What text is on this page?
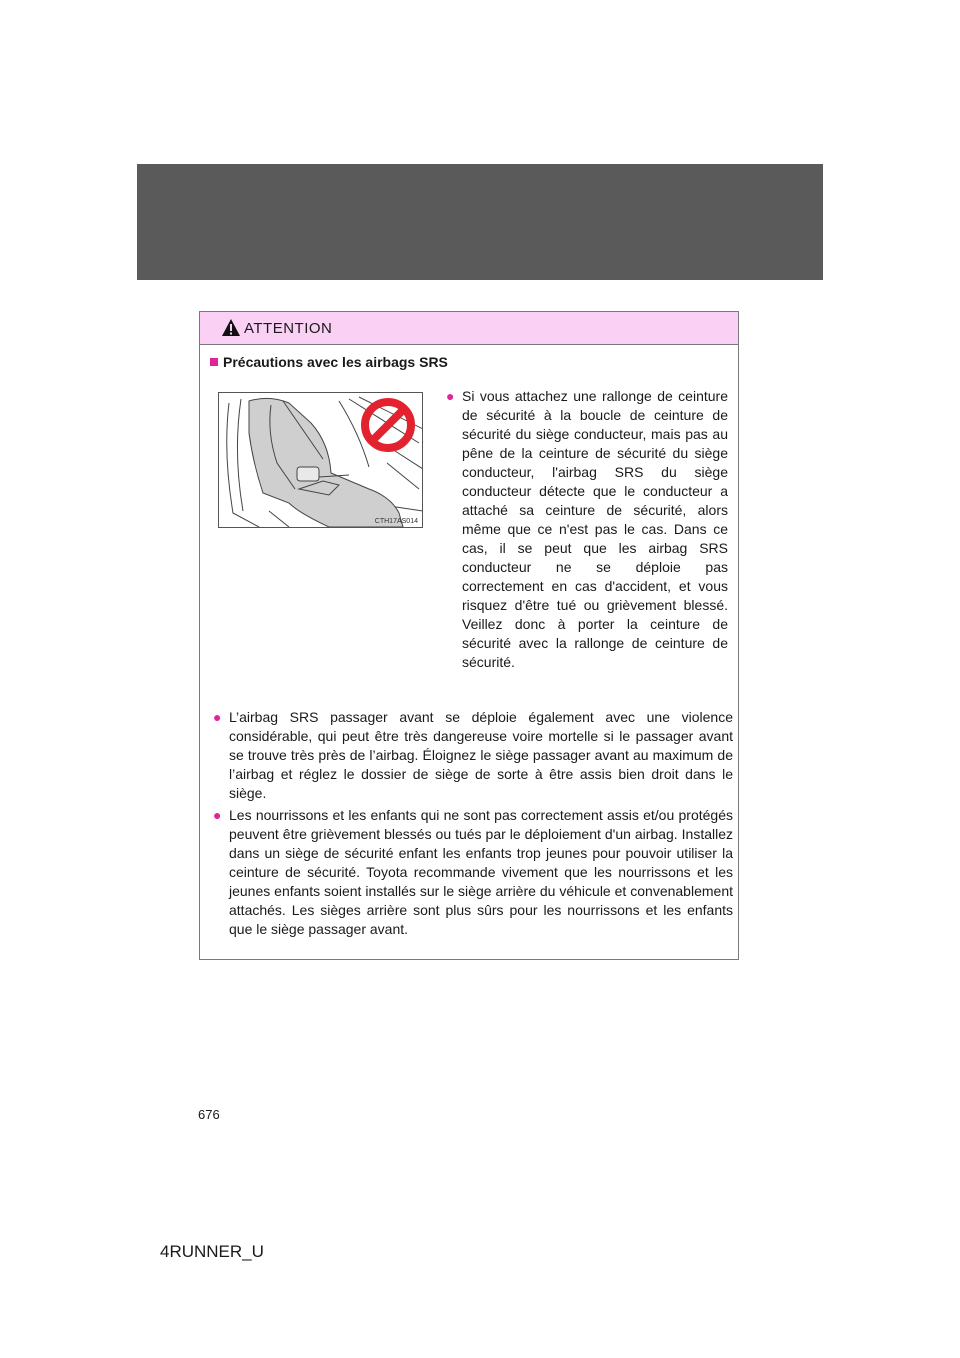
ATTENTION
Précautions avec les airbags SRS
CTH17AS014
● Si vous attachez une rallonge de ceinture de sécurité à la boucle de ceinture de sécurité du siège conducteur, mais pas au pêne de la ceinture de sécurité du siège conducteur, l'airbag SRS du siège conducteur détecte que le conducteur a attaché sa ceinture de sécurité, alors même que ce n'est pas le cas. Dans ce cas, il se peut que les airbag SRS conducteur ne se déploie pas correctement en cas d'accident, et vous risquez d'être tué ou grièvement blessé. Veillez donc à porter la ceinture de sécurité avec la rallonge de ceinture de sécurité.
● L’airbag SRS passager avant se déploie également avec une violence considérable, qui peut être très dangereuse voire mortelle si le passager avant se trouve très près de l’airbag. Éloignez le siège passager avant au maximum de l’airbag et réglez le dossier de siège de sorte à être assis bien droit dans le siège.
● Les nourrissons et les enfants qui ne sont pas correctement assis et/ou protégés peuvent être grièvement blessés ou tués par le déploiement d'un airbag. Installez dans un siège de sécurité enfant les enfants trop jeunes pour pouvoir utiliser la ceinture de sécurité. Toyota recommande vivement que les nourrissons et les jeunes enfants soient installés sur le siège arrière du véhicule et convenablement attachés. Les sièges arrière sont plus sûrs pour les nourrissons et les enfants que le siège passager avant.
676
4RUNNER_U
